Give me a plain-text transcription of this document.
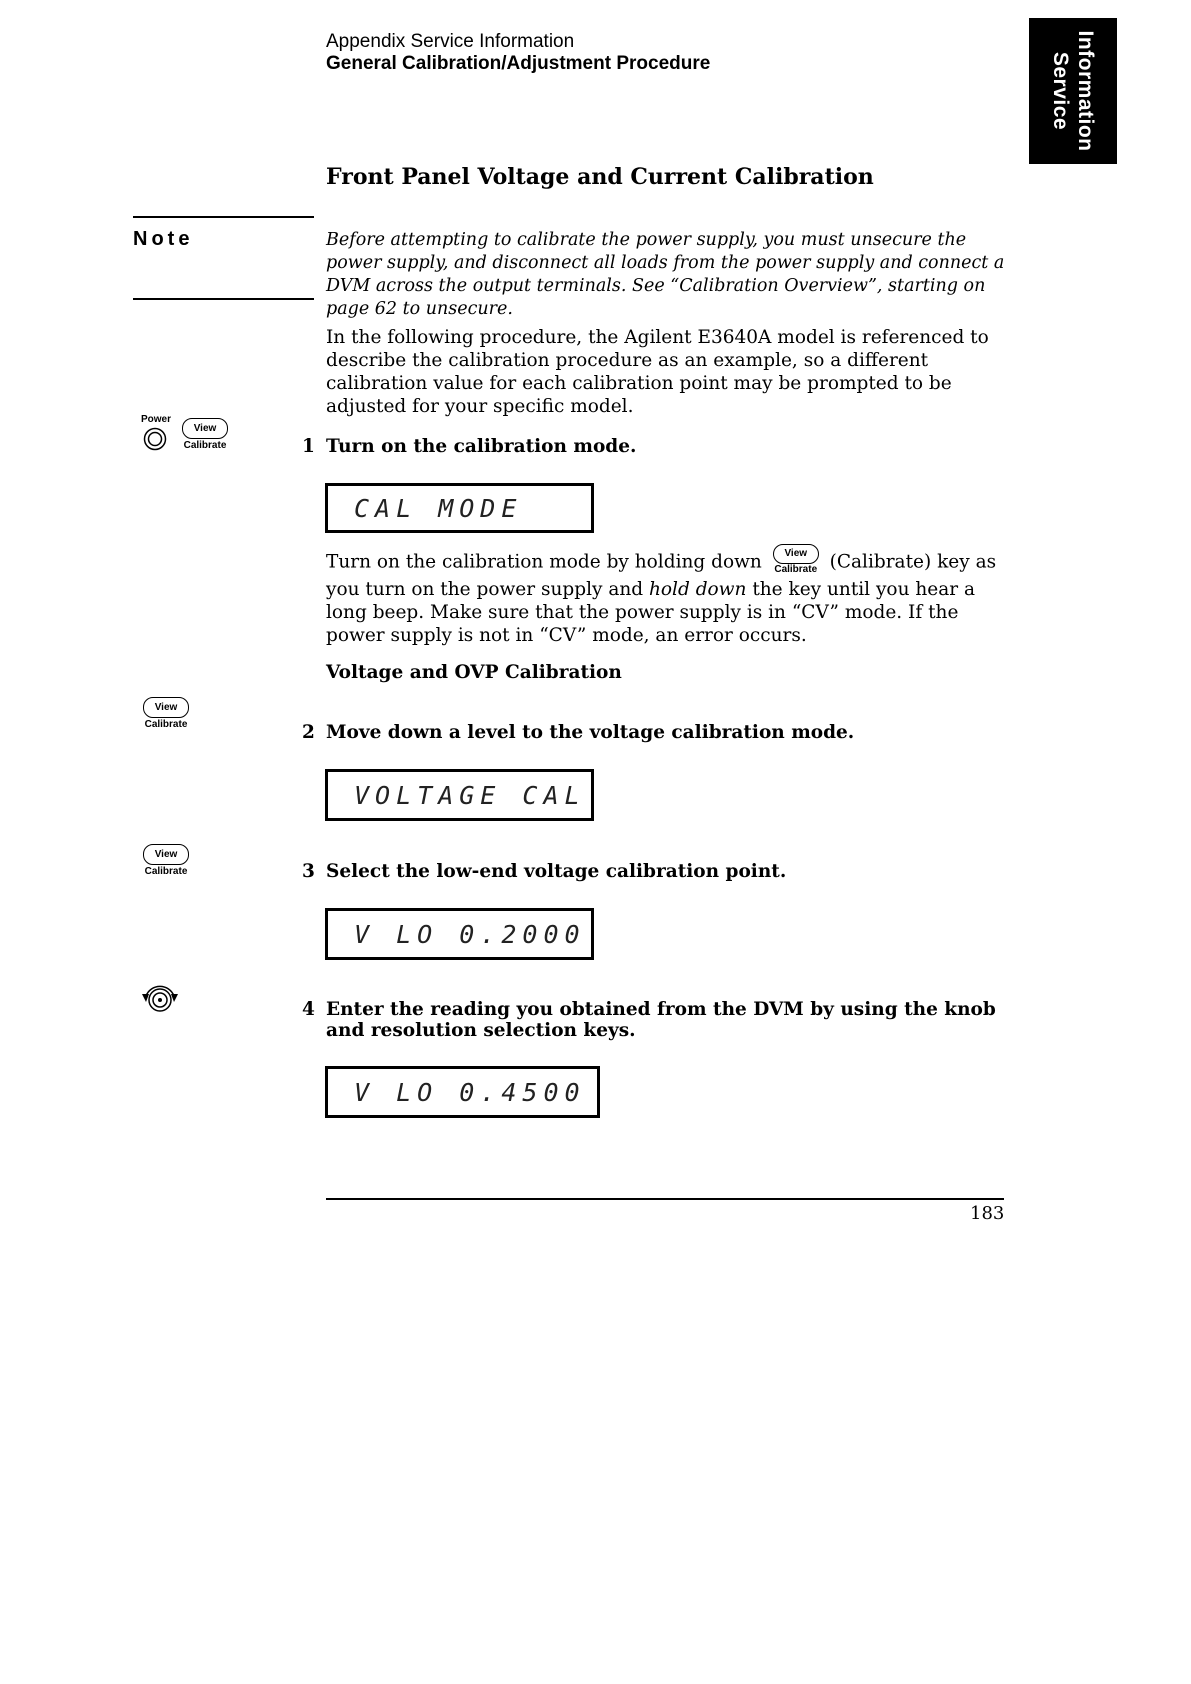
Appendix Service Information
General Calibration/Adjustment Procedure	Service Information
Front Panel Voltage and Current Calibration
Note	Before attempting to calibrate the power supply, you must unsecure the power supply, and disconnect all loads from the power supply and connect a DVM across the output terminals. See “Calibration Overview”, starting on page 62 to unsecure.
In the following procedure, the Agilent E3640A model is referenced to describe the calibration procedure as an example, so a different calibration value for each calibration point may be prompted to be adjusted for your specific model.
Power
View
Calibrate	1 Turn on the calibration mode.
CAL MODE
Turn on the calibration mode by holding down	View
Calibrate (Calibrate) key as you turn on the power supply and hold down the key until you hear a long beep. Make sure that the power supply is in “CV” mode. If the power supply is not in “CV” mode, an error occurs.
Voltage and OVP Calibration
View
Calibrate	2 Move down a level to the voltage calibration mode.
VOLTAGE CAL
View
Calibrate	3 Select the low-end voltage calibration point.
V LO 0.2000
4 Enter the reading you obtained from the DVM by using the knob and resolution selection keys.
V LO 0.4500
183
